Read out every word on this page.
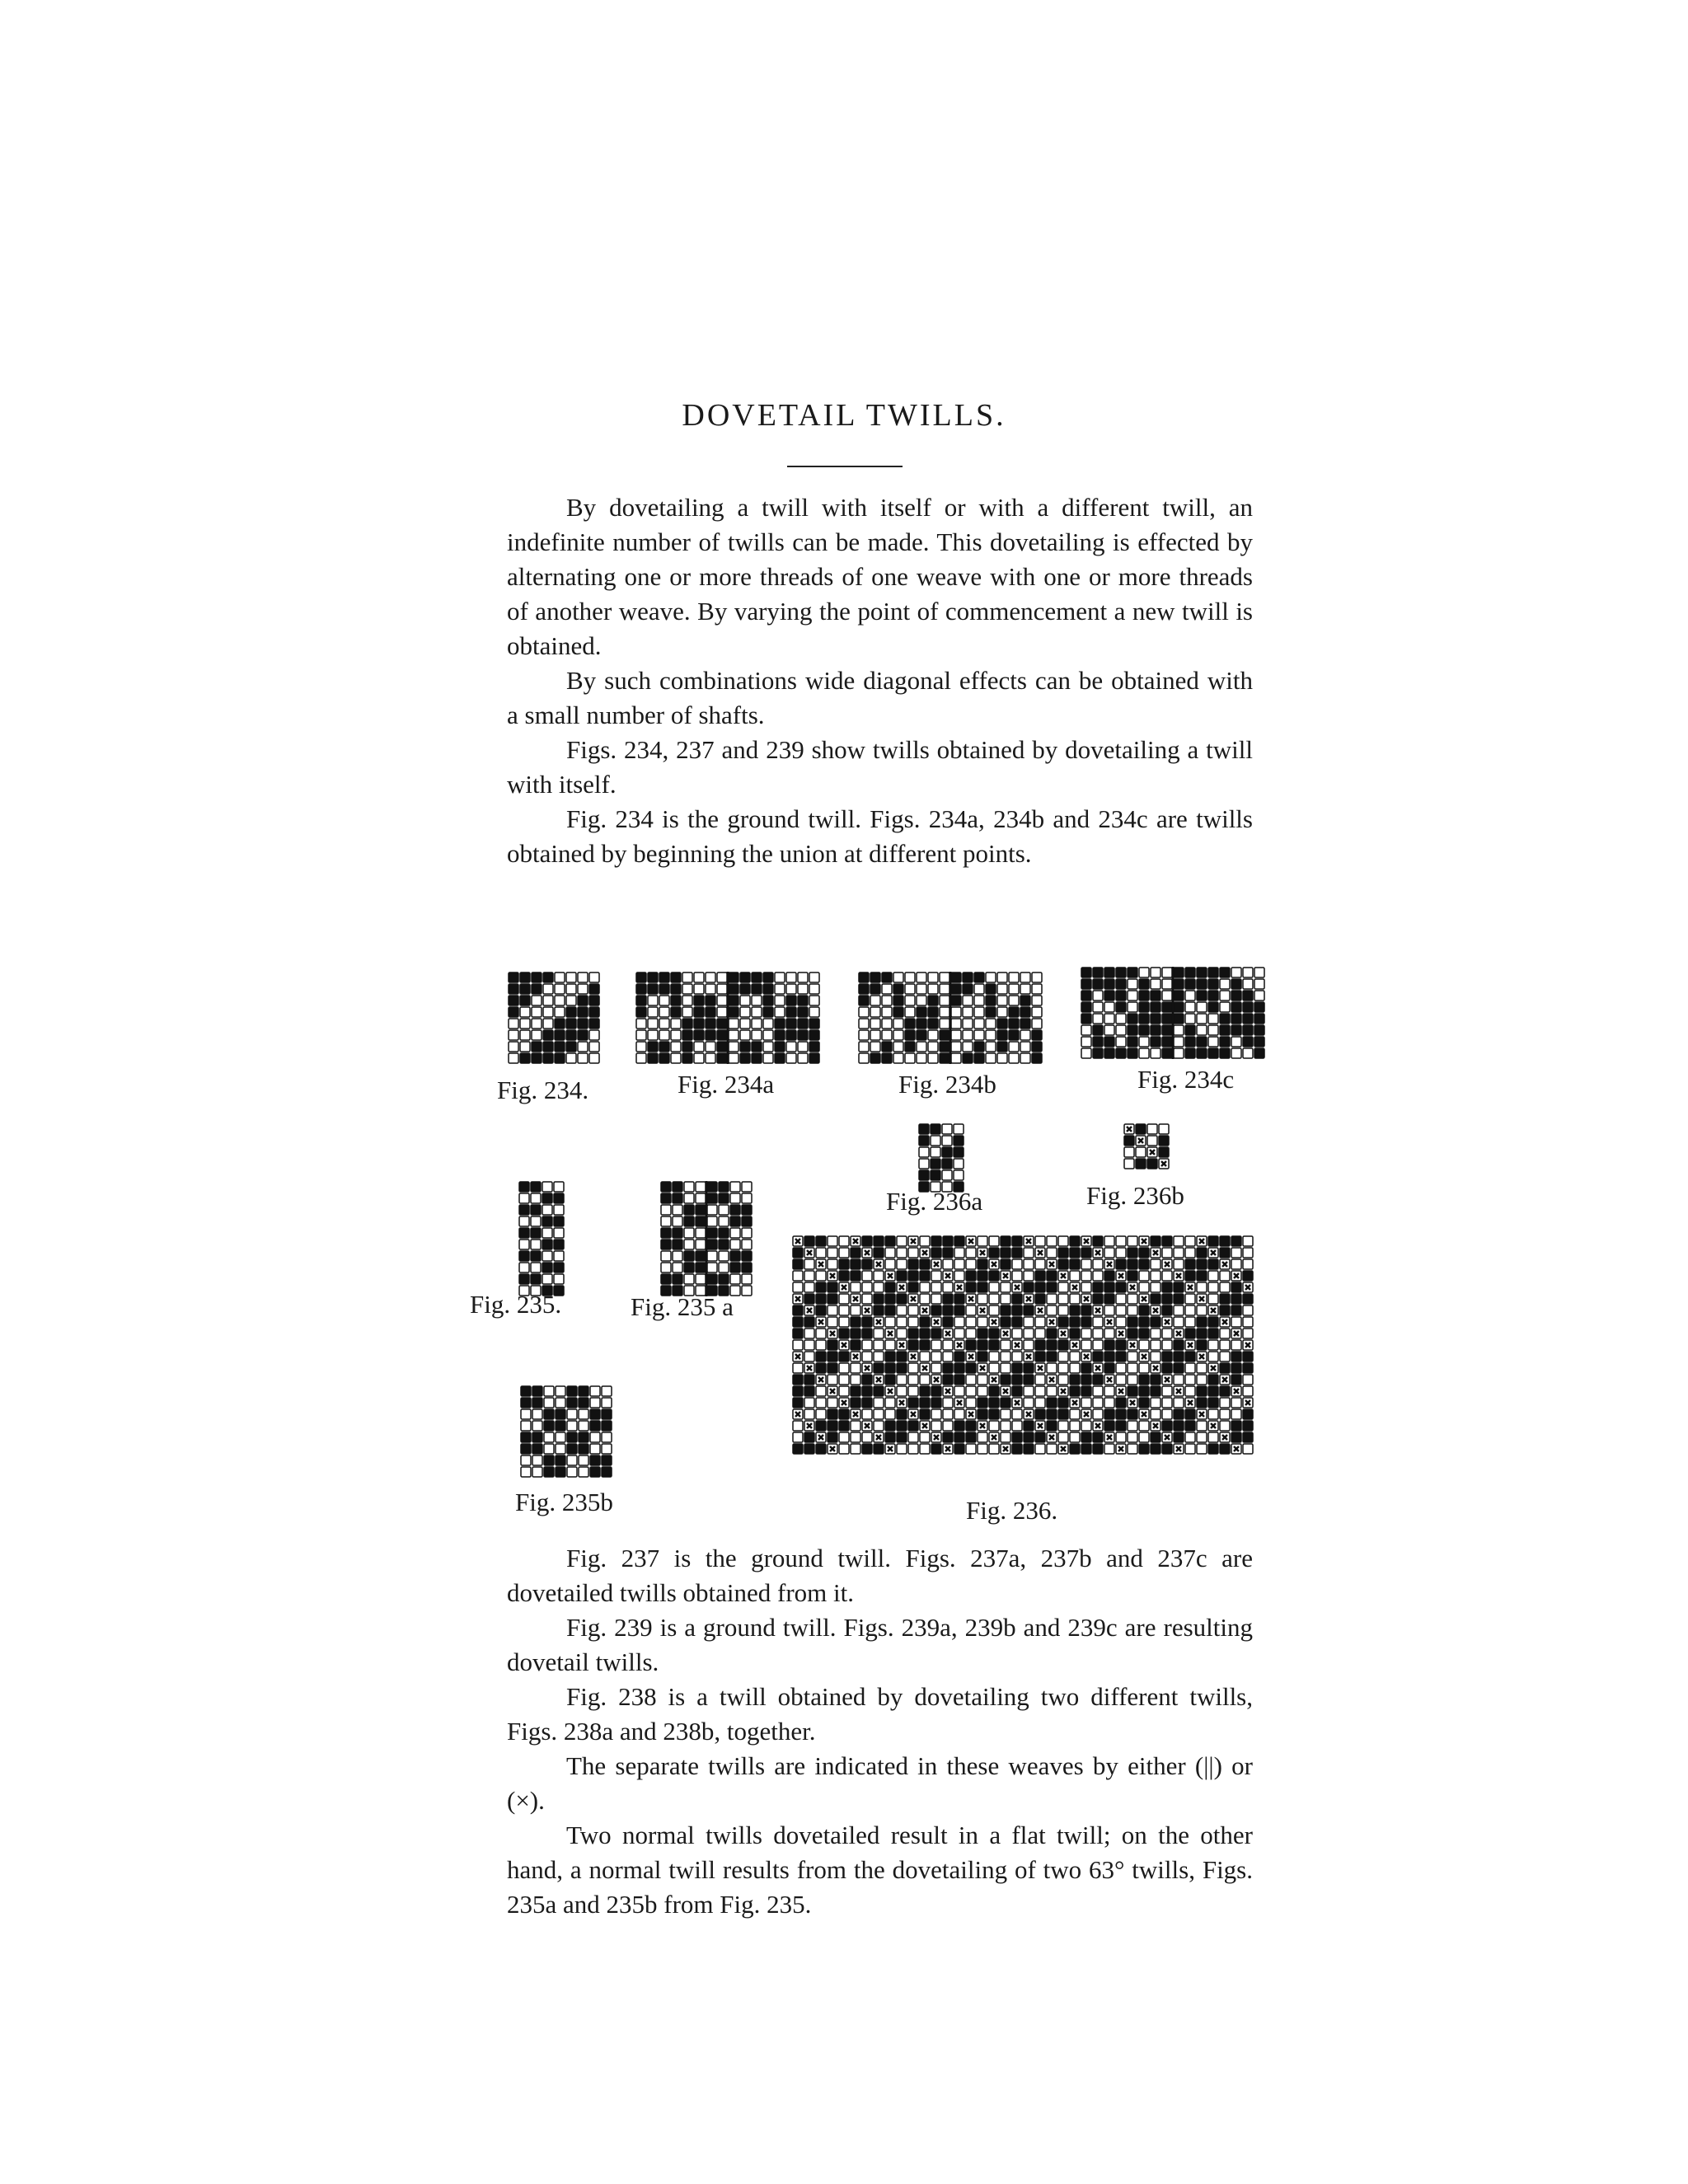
DOVETAIL TWILLS.

By dovetailing a twill with itself or with a different twill, an indefinite number of twills can be made. This dovetailing is effected by alternating one or more threads of one weave with one or more threads of another weave. By varying the point of commencement a new twill is obtained.

By such combinations wide diagonal effects can be obtained with a small number of shafts.

Figs. 234, 237 and 239 show twills obtained by dovetailing a twill with itself.

Fig. 234 is the ground twill. Figs. 234a, 234b and 234c are twills obtained by beginning the union at different points.

Fig. 234.	Fig. 234a	Fig. 234b	Fig. 234c
Fig. 236a	Fig. 236b
Fig. 235.	Fig. 235 a
Fig. 236.
Fig. 235b

Fig. 237 is the ground twill. Figs. 237a, 237b and 237c are dovetailed twills obtained from it.

Fig. 239 is a ground twill. Figs. 239a, 239b and 239c are resulting dovetail twills.

Fig. 238 is a twill obtained by dovetailing two different twills, Figs. 238a and 238b, together.

The separate twills are indicated in these weaves by either (||) or (×).

Two normal twills dovetailed result in a flat twill; on the other hand, a normal twill results from the dovetailing of two 63° twills, Figs. 235a and 235b from Fig. 235.
